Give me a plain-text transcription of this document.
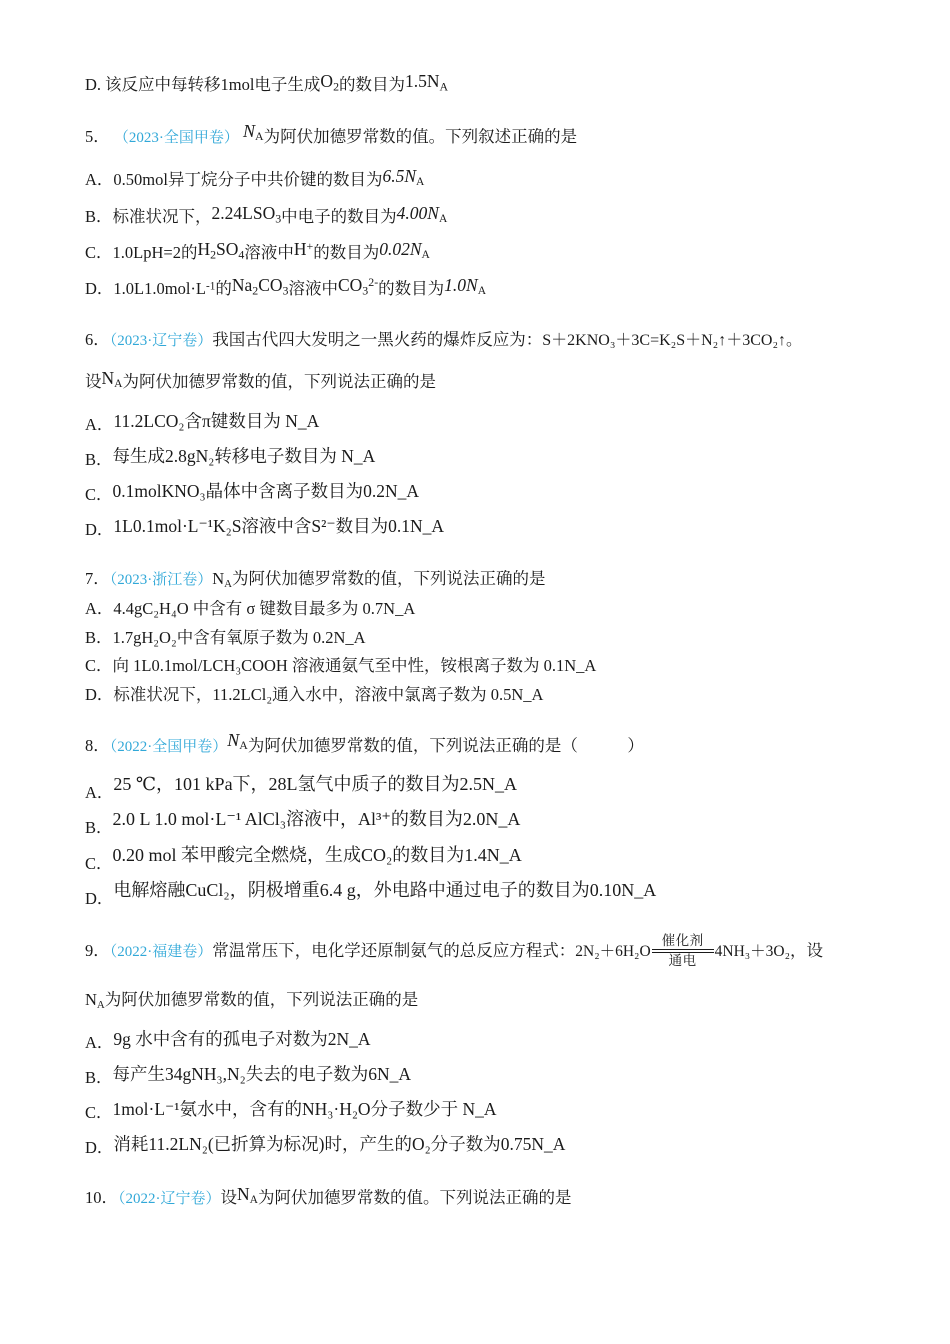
D. 该反应中每转移1mol电子生成$O_2$的数目为$1.5N_A$
5． （2023·全国甲卷） NA为阿伏加德罗常数的值。下列叙述正确的是
A．0.50mol异丁烷分子中共价键的数目为6.5NA
B．标准状况下，$2.24LSO_3$中电子的数目为4.00NA
C．1.0LpH=2的$H_2SO_4$溶液中H+的数目为0.02NA
D．$1.0L1.0mol\cdot L^{-1}$的$Na_2CO_3$溶液中$CO_3^{2-}$的数目为1.0NA
6．（2023·辽宁卷）我国古代四大发明之一黑火药的爆炸反应为：S＋2KNO₃＋3C=K₂S＋N₂↑＋3CO₂↑。
设NA为阿伏加德罗常数的值，下列说法正确的是
A．11.2LCO₂含π键数目为 N_A
B．每生成2.8gN₂转移电子数目为 N_A
C．0.1molKNO₃晶体中含离子数目为0.2N_A
D．1L0.1mol·L⁻¹K₂S溶液中含S²⁻数目为0.1N_A
7．（2023·浙江卷）NA为阿伏加德罗常数的值，下列说法正确的是
A．4.4gC₂H₄O 中含有 σ 键数目最多为 0.7N_A
B．1.7gH₂O₂中含有氧原子数为 0.2N_A
C．向 1L0.1mol/LCH₃COOH 溶液通氨气至中性，铵根离子数为 0.1N_A
D．标准状况下，11.2LCl₂通入水中，溶液中氯离子数为 0.5N_A
8．（2022·全国甲卷）NA为阿伏加德罗常数的值，下列说法正确的是（　　　）
A．25 ℃，101 kPa下，28L氢气中质子的数目为2.5N_A
B．2.0 L 1.0 mol·L⁻¹ AlCl₃溶液中，Al³⁺的数目为2.0N_A
C．0.20 mol 苯甲酸完全燃烧，生成CO₂的数目为1.4N_A
D．电解熔融CuCl₂，阴极增重6.4 g，外电路中通过电子的数目为0.10N_A
9．（2022·福建卷）常温常压下，电化学还原制氨气的总反应方程式：2N₂＋6H₂O
催化剂
通电
4NH₃＋3O₂，设
NA为阿伏加德罗常数的值，下列说法正确的是
A．9g 水中含有的孤电子对数为2N_A
B．每产生34gNH₃,N₂失去的电子数为6N_A
C．1mol·L⁻¹氨水中，含有的NH₃·H₂O分子数少于 N_A
D．消耗11.2LN₂(已折算为标况)时，产生的O₂分子数为0.75N_A
10．（2022·辽宁卷）设NA为阿伏加德罗常数的值。下列说法正确的是
